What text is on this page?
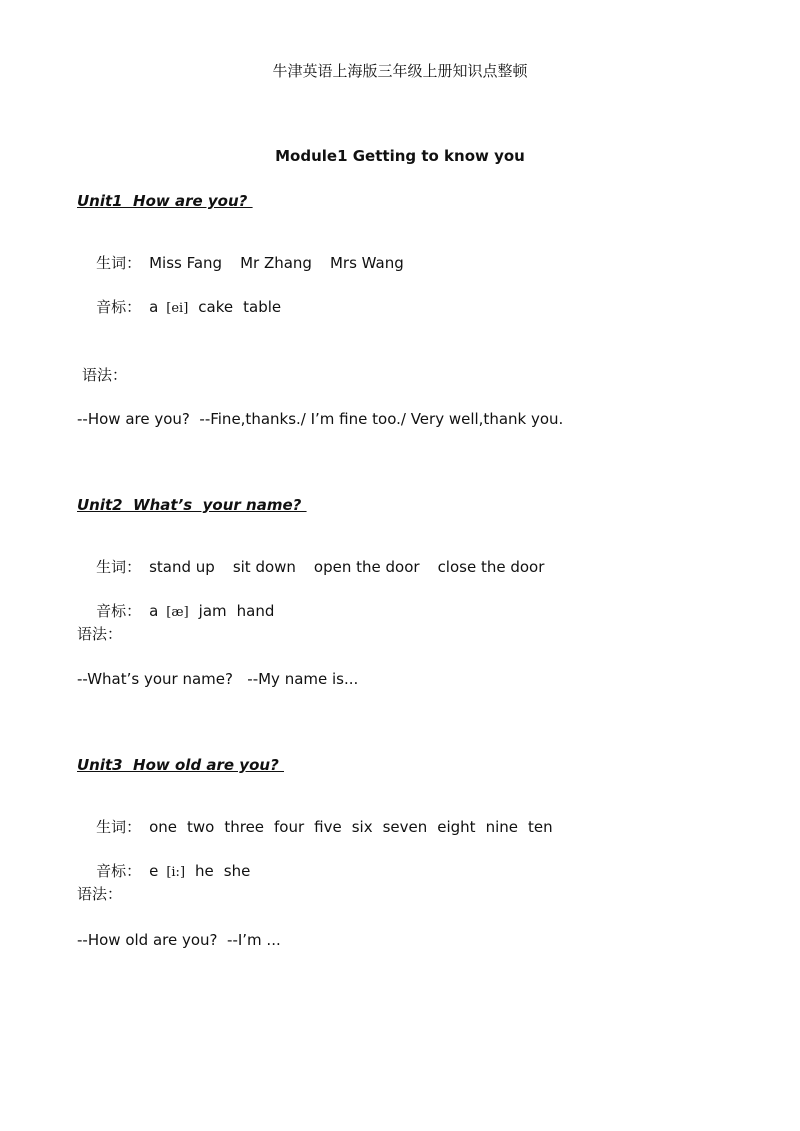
牛津英语上海版三年级上册知识点整顿
Module1 Getting to know you
Unit1  How are you?

生词： Miss Fang Mr Zhang Mrs Wang

音标： a [ei] cake table

语法：
--How are you?  --Fine,thanks./ I’m fine too./ Very well,thank you.
Unit2  What’s  your name?

生词： stand up sit down open the door close the door

音标： a [æ] jam hand

语法：
--What’s your name?   --My name is...
Unit3  How old are you?

生词： one two three four five six seven eight nine ten

音标： e [i:] he she

语法：
--How old are you?  --I’m ...
